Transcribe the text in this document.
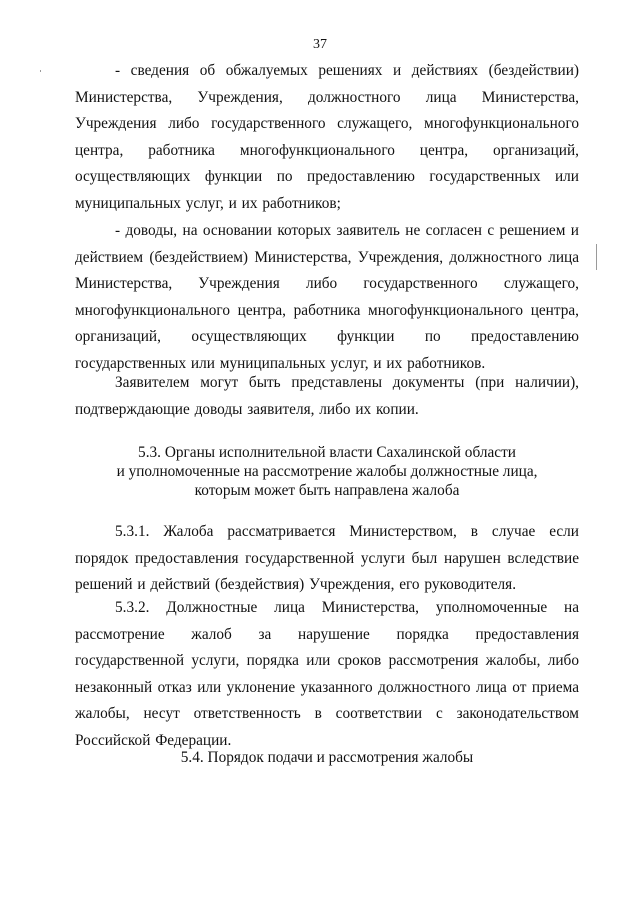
37

- сведения об обжалуемых решениях и действиях (бездействии) Министерства, Учреждения, должностного лица Министерства, Учреждения либо государственного служащего, многофункционального центра, работника многофункционального центра, организаций, осуществляющих функции по предоставлению государственных или муниципальных услуг, и их работников;

- доводы, на основании которых заявитель не согласен с решением и действием (бездействием) Министерства, Учреждения, должностного лица Министерства, Учреждения либо государственного служащего, многофункционального центра, работника многофункционального центра, организаций, осуществляющих функции по предоставлению государственных или муниципальных услуг, и их работников.

Заявителем могут быть представлены документы (при наличии), подтверждающие доводы заявителя, либо их копии.

5.3. Органы исполнительной власти Сахалинской области
и уполномоченные на рассмотрение жалобы должностные лица,
которым может быть направлена жалоба

5.3.1. Жалоба рассматривается Министерством, в случае если порядок предоставления государственной услуги был нарушен вследствие решений и действий (бездействия) Учреждения, его руководителя.

5.3.2. Должностные лица Министерства, уполномоченные на рассмотрение жалоб за нарушение порядка предоставления государственной услуги, порядка или сроков рассмотрения жалобы, либо незаконный отказ или уклонение указанного должностного лица от приема жалобы, несут ответственность в соответствии с законодательством Российской Федерации.

5.4. Порядок подачи и рассмотрения жалобы
